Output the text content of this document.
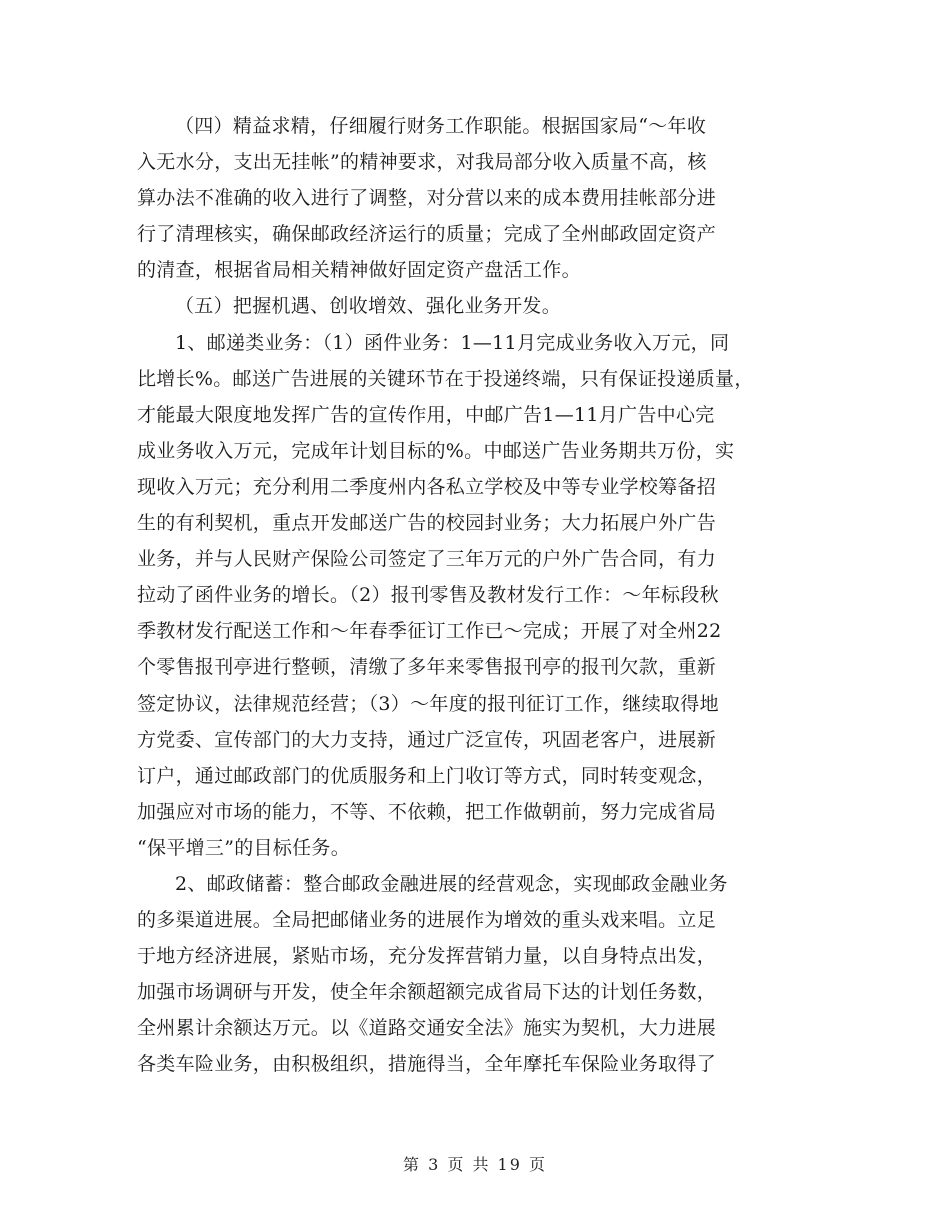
（四）精益求精，仔细履行财务工作职能。根据国家局“～年收
入无水分，支出无挂帐”的精神要求，对我局部分收入质量不高，核
算办法不准确的收入进行了调整，对分营以来的成本费用挂帐部分进
行了清理核实，确保邮政经济运行的质量；完成了全州邮政固定资产
的清查，根据省局相关精神做好固定资产盘活工作。
（五）把握机遇、创收增效、强化业务开发。
1、邮递类业务：（1）函件业务：1—11月完成业务收入万元，同
比增长%。邮送广告进展的关键环节在于投递终端，只有保证投递质量，
才能最大限度地发挥广告的宣传作用，中邮广告1—11月广告中心完
成业务收入万元，完成年计划目标的%。中邮送广告业务期共万份，实
现收入万元；充分利用二季度州内各私立学校及中等专业学校筹备招
生的有利契机，重点开发邮送广告的校园封业务；大力拓展户外广告
业务，并与人民财产保险公司签定了三年万元的户外广告合同，有力
拉动了函件业务的增长。（2）报刊零售及教材发行工作：～年标段秋
季教材发行配送工作和～年春季征订工作已～完成；开展了对全州22
个零售报刊亭进行整顿，清缴了多年来零售报刊亭的报刊欠款，重新
签定协议，法律规范经营；（3）～年度的报刊征订工作，继续取得地
方党委、宣传部门的大力支持，通过广泛宣传，巩固老客户，进展新
订户，通过邮政部门的优质服务和上门收订等方式，同时转变观念，
加强应对市场的能力，不等、不依赖，把工作做朝前，努力完成省局
“保平增三”的目标任务。
2、邮政储蓄：整合邮政金融进展的经营观念，实现邮政金融业务
的多渠道进展。全局把邮储业务的进展作为增效的重头戏来唱。立足
于地方经济进展，紧贴市场，充分发挥营销力量，以自身特点出发，
加强市场调研与开发，使全年余额超额完成省局下达的计划任务数，
全州累计余额达万元。以《道路交通安全法》施实为契机，大力进展
各类车险业务，由积极组织，措施得当，全年摩托车保险业务取得了
第 3 页 共 19 页
